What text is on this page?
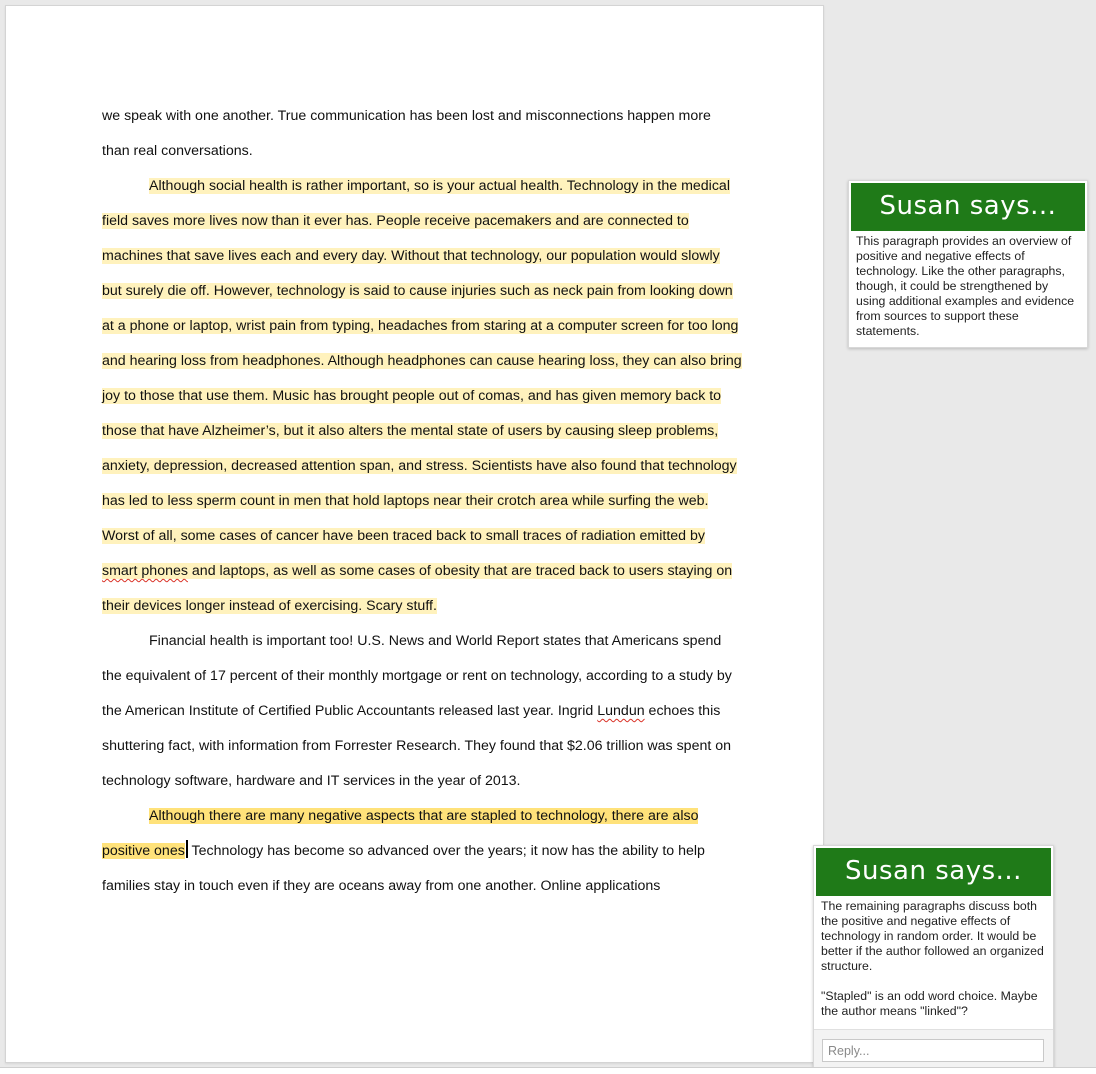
we speak with one another. True communication has been lost and misconnections happen more than real conversations.

Although social health is rather important, so is your actual health. Technology in the medical field saves more lives now than it ever has. People receive pacemakers and are connected to machines that save lives each and every day. Without that technology, our population would slowly but surely die off. However, technology is said to cause injuries such as neck pain from looking down at a phone or laptop, wrist pain from typing, headaches from staring at a computer screen for too long and hearing loss from headphones. Although headphones can cause hearing loss, they can also bring joy to those that use them. Music has brought people out of comas, and has given memory back to those that have Alzheimer’s, but it also alters the mental state of users by causing sleep problems, anxiety, depression, decreased attention span, and stress. Scientists have also found that technology has led to less sperm count in men that hold laptops near their crotch area while surfing the web. Worst of all, some cases of cancer have been traced back to small traces of radiation emitted by smart phones and laptops, as well as some cases of obesity that are traced back to users staying on their devices longer instead of exercising. Scary stuff.

Financial health is important too! U.S. News and World Report states that Americans spend the equivalent of 17 percent of their monthly mortgage or rent on technology, according to a study by the American Institute of Certified Public Accountants released last year. Ingrid Lundun echoes this shuttering fact, with information from Forrester Research. They found that $2.06 trillion was spent on technology software, hardware and IT services in the year of 2013.

Although there are many negative aspects that are stapled to technology, there are also positive ones Technology has become so advanced over the years; it now has the ability to help families stay in touch even if they are oceans away from one another. Online applications

Susan says...

This paragraph provides an overview of positive and negative effects of technology. Like the other paragraphs, though, it could be strengthened by using additional examples and evidence from sources to support these statements.

Susan says...

The remaining paragraphs discuss both the positive and negative effects of technology in random order. It would be better if the author followed an organized structure.

"Stapled" is an odd word choice. Maybe the author means "linked"?

Reply...
